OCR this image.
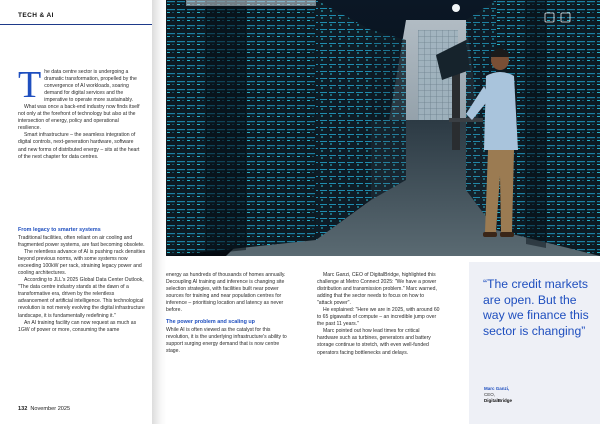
TECH & AI
T he data centre sector is undergoing a dramatic transformation, propelled by the convergence of AI workloads, soaring demand for digital services and the imperative to operate more sustainably.

What was once a back-end industry now finds itself not only at the forefront of technology but also at the intersection of energy, policy and operational resilience.

Smart infrastructure – the seamless integration of digital controls, next-generation hardware, software and new forms of distributed energy – sits at the heart of the next chapter for data centres.

From legacy to smarter systems

Traditional facilities, often reliant on air cooling and fragmented power systems, are fast becoming obsolete.

The relentless advance of AI is pushing rack densities beyond previous norms, with some systems now exceeding 100kW per rack, straining legacy power and cooling architectures.

According to JLL's 2025 Global Data Center Outlook, "The data centre industry stands at the dawn of a transformative era, driven by the relentless advancement of artificial intelligence. This technological revolution is not merely evolving the digital infrastructure landscape, it is fundamentally redefining it."

An AI training facility can now request as much as 1GW of power or more, consuming the same

132 November 2025

energy as hundreds of thousands of homes annually. Decoupling AI training and inference is changing site selection strategies, with facilities built near power sources for training and near population centres for inference – prioritising location and latency as never before.

The power problem and scaling up

While AI is often viewed as the catalyst for this revolution, it is the underlying infrastructure's ability to support surging energy demand that is now centre stage.

Marc Ganzi, CEO of DigitalBridge, highlighted this challenge at Metro Connect 2025: "We have a power distribution and transmission problem." Marc warned, adding that the sector needs to focus on how to "attack power".

He explained: "Here we are in 2025, with around 60 to 65 gigawatts of compute – an incredible jump over the past 11 years."

Marc pointed out how lead times for critical hardware such as turbines, generators and battery storage continue to stretch, with even well-funded operators facing bottlenecks and delays.

“The credit markets are open. But the way we finance this sector is changing”
Marc Ganzi,
CEO,
DigitalBridge
